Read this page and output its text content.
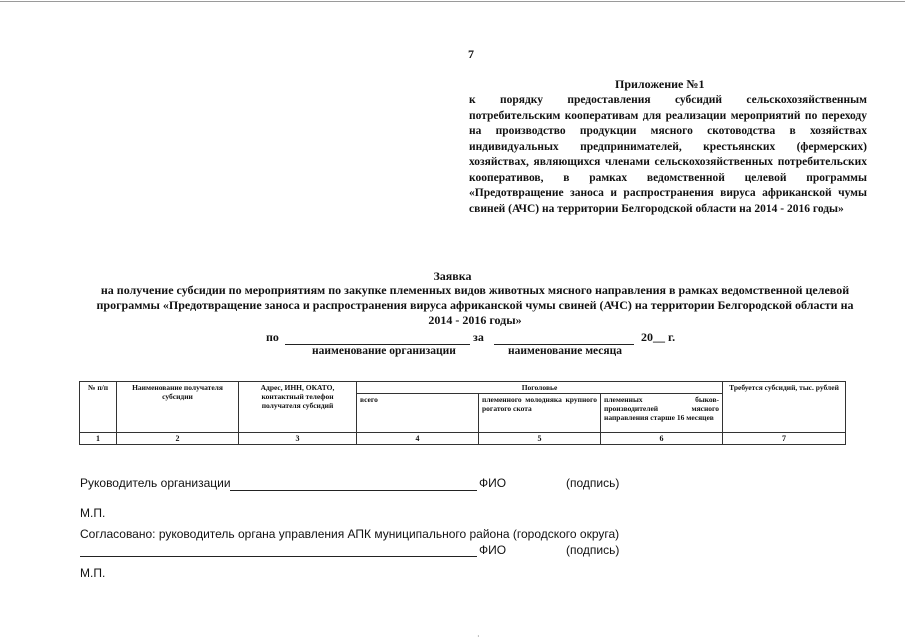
7
Приложение №1
к порядку предоставления субсидий сельскохозяйственным потребительским кооперативам для реализации мероприятий по переходу на производство продукции мясного скотоводства в хозяйствах индивидуальных предпринимателей, крестьянских (фермерских) хозяйствах, являющихся членами сельскохозяйственных потребительских кооперативов, в рамках ведомственной целевой программы «Предотвращение заноса и распространения вируса африканской чумы свиней (АЧС) на территории Белгородской области на 2014 - 2016 годы»
Заявка
на получение субсидии по мероприятиям по закупке племенных видов животных мясного направления в рамках ведомственной целевой программы «Предотвращение заноса и распространения вируса африканской чумы свиней (АЧС) на территории Белгородской области на 2014 - 2016 годы»
по	за	20__ г.
наименование организации	наименование месяца
№ п/п	Наименование получателя субсидии	Адрес, ИНН, ОКАТО, контактный телефон получателя субсидий	Поголовье			Требуется субсидий, тыс. рублей
			всего	племенного молодняка крупного рогатого скота	племенных быков-производителей мясного направления старше 16 месяцев	
1	2	3	4	5	6	7
Руководитель организации	ФИО	(подпись)
М.П.
Согласовано: руководитель органа управления АПК муниципального района (городского округа)
ФИО	(подпись)
М.П.
·
